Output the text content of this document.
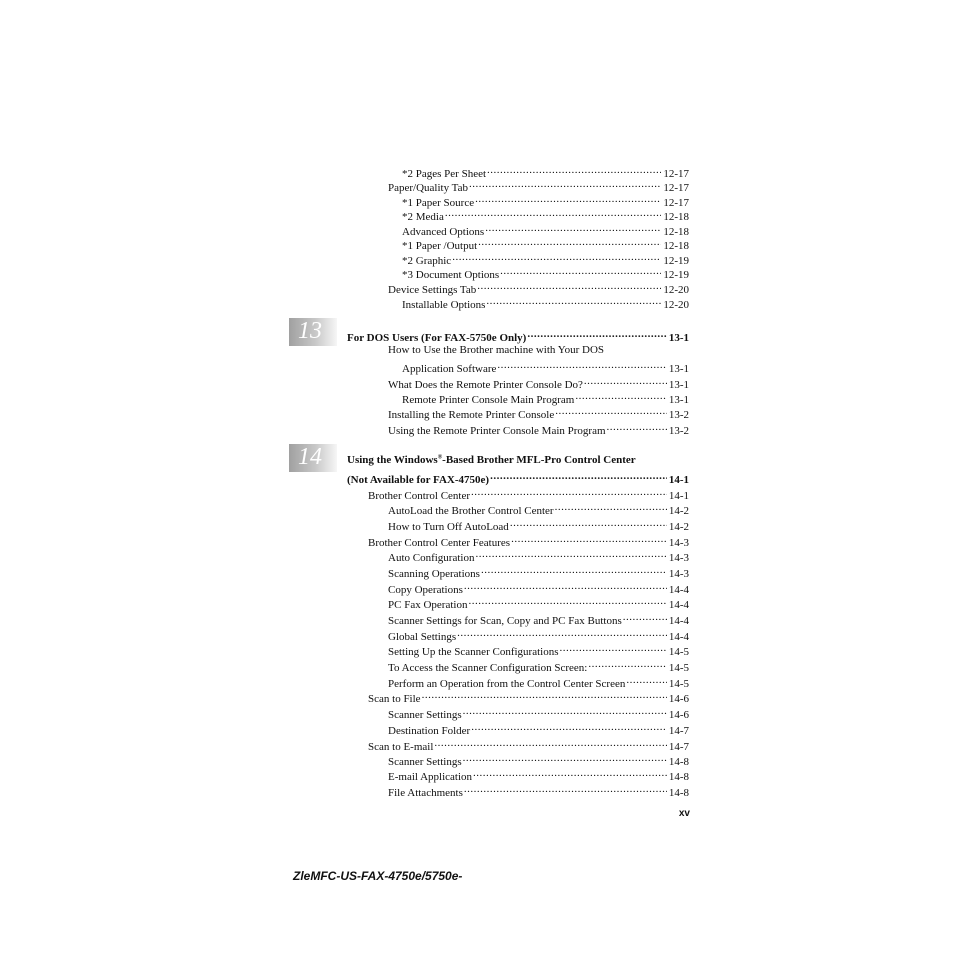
*2 Pages Per Sheet .....	12-17
Paper/Quality Tab .....	12-17
*1 Paper Source .....	12-17
*2 Media .....	12-18
Advanced Options .....	12-18
*1 Paper /Output .....	12-18
*2 Graphic .....	12-19
*3 Document Options .....	12-19
Device Settings Tab .....	12-20
Installable Options .....	12-20
13 For DOS Users (For FAX-5750e Only) .....	13-1
How to Use the Brother machine with Your DOS
Application Software .....	13-1
What Does the Remote Printer Console Do? .....	13-1
Remote Printer Console Main Program .....	13-1
Installing the Remote Printer Console .....	13-2
Using the Remote Printer Console Main Program .....	13-2
14 Using the Windows®-Based Brother MFL-Pro Control Center
(Not Available for FAX-4750e) .....	14-1
Brother Control Center .....	14-1
AutoLoad the Brother Control Center .....	14-2
How to Turn Off AutoLoad .....	14-2
Brother Control Center Features .....	14-3
Auto Configuration .....	14-3
Scanning Operations .....	14-3
Copy Operations .....	14-4
PC Fax Operation .....	14-4
Scanner Settings for Scan, Copy and PC Fax Buttons .....	14-4
Global Settings .....	14-4
Setting Up the Scanner Configurations .....	14-5
To Access the Scanner Configuration Screen: .....	14-5
Perform an Operation from the Control Center Screen .....	14-5
Scan to File .....	14-6
Scanner Settings .....	14-6
Destination Folder .....	14-7
Scan to E-mail .....	14-7
Scanner Settings .....	14-8
E-mail Application .....	14-8
File Attachments .....	14-8
xv
ZleMFC-US-FAX-4750e/5750e-
